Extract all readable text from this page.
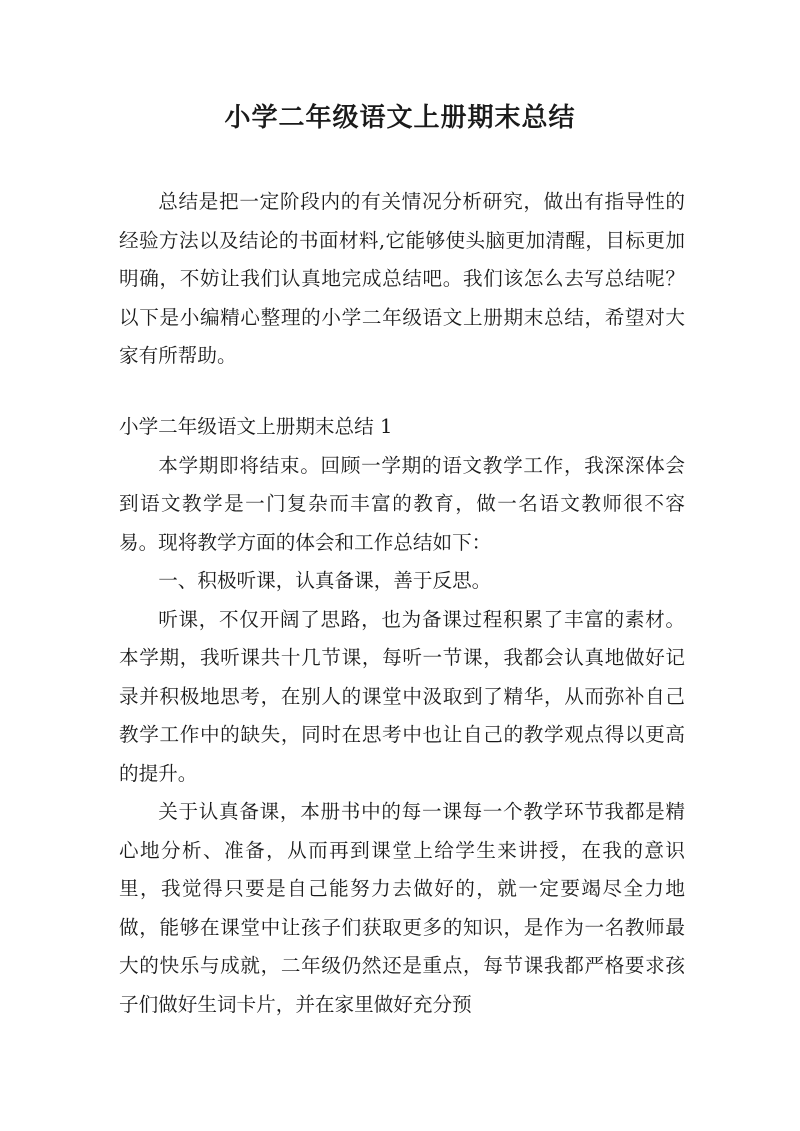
小学二年级语文上册期末总结

总结是把一定阶段内的有关情况分析研究，做出有指导性的经验方法以及结论的书面材料,它能够使头脑更加清醒，目标更加明确，不妨让我们认真地完成总结吧。我们该怎么去写总结呢？以下是小编精心整理的小学二年级语文上册期末总结，希望对大家有所帮助。

小学二年级语文上册期末总结 1

本学期即将结束。回顾一学期的语文教学工作，我深深体会到语文教学是一门复杂而丰富的教育，做一名语文教师很不容易。现将教学方面的体会和工作总结如下：

一、积极听课，认真备课，善于反思。

听课，不仅开阔了思路，也为备课过程积累了丰富的素材。本学期，我听课共十几节课，每听一节课，我都会认真地做好记录并积极地思考，在别人的课堂中汲取到了精华，从而弥补自己教学工作中的缺失，同时在思考中也让自己的教学观点得以更高的提升。

关于认真备课，本册书中的每一课每一个教学环节我都是精心地分析、准备，从而再到课堂上给学生来讲授，在我的意识里，我觉得只要是自己能努力去做好的，就一定要竭尽全力地做，能够在课堂中让孩子们获取更多的知识，是作为一名教师最大的快乐与成就，二年级仍然还是重点，每节课我都严格要求孩子们做好生词卡片，并在家里做好充分预
